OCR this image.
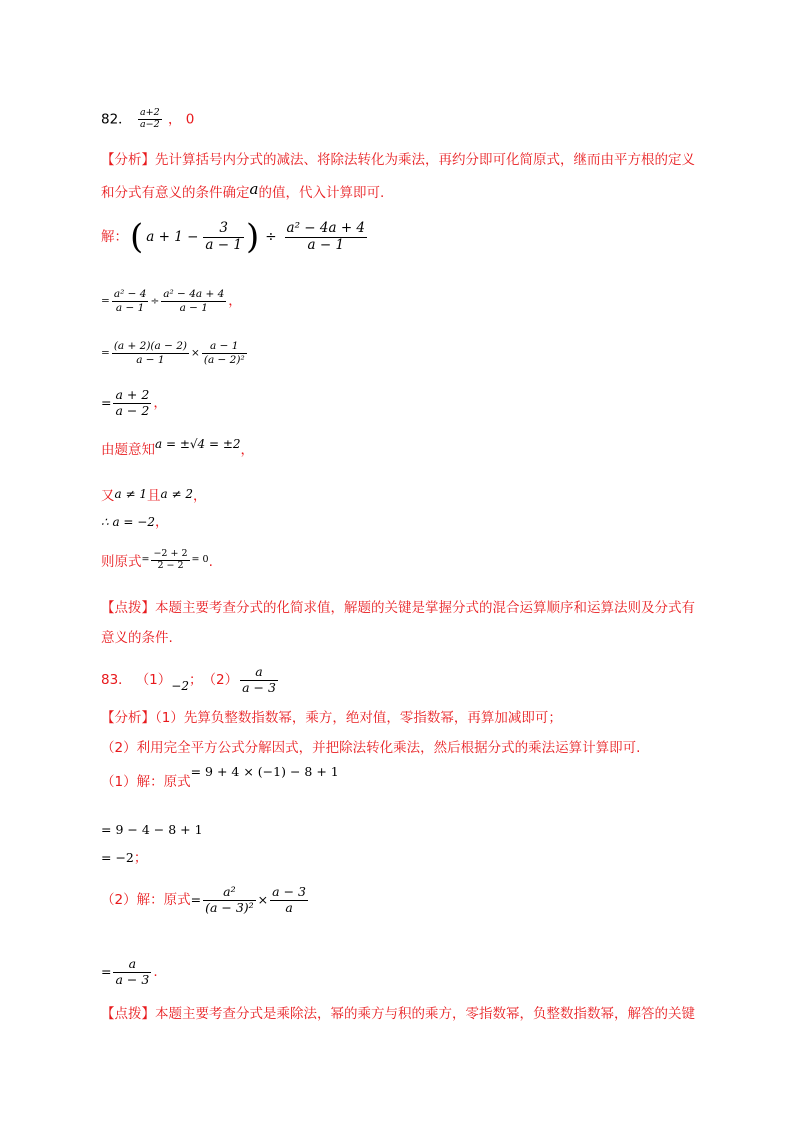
82． $\frac{a+2}{a-2}$ ， 0
【分析】先计算括号内分式的减法、将除法转化为乘法，再约分即可化简原式，继而由平方根的定义
和分式有意义的条件确定a的值，代入计算即可.
解： ( $a + 1 - \frac{3}{a - 1}$ ) ÷ $\frac{\text{a² − 4a + 4}}{a - 1}$
= $\frac{\text{a² − 4}}{a - 1} \div \frac{\text{a² − 4a + 4}}{a - 1}$ ，
= $\frac{(a + 2)(a - 2)}{a - 1} \times \frac{a - 1}{\text{(a − 2)²}}$
= $\frac{a + 2}{a - 2}$ ，
由题意知a = ±√4 = ±2，
又a ≠ 1且a ≠ 2，
∴ a = −2，
则原式 = $\frac{-2 + 2}{2 - 2} = 0$ .
【点拨】本题主要考查分式的化简求值，解题的关键是掌握分式的混合运算顺序和运算法则及分式有
意义的条件.
83． （1） −2 ； $(2) \frac{a}{a - 3}$
【分析】（1）先算负整数指数幂，乘方，绝对值，零指数幂，再算加减即可；
（2）利用完全平方公式分解因式，并把除法转化乘法，然后根据分式的乘法运算计算即可.
（1）解：原式= 9 + 4 × (−1) − 8 + 1
= 9 − 4 − 8 + 1
= −2；
（2）解：原式 = $\frac{\text{a²}}{\text{(a − 3)²}} \times \frac{a - 3}{a}$
= $\frac{a}{a - 3}$ .
【点拨】本题主要考查分式是乘除法，幂的乘方与积的乘方，零指数幂，负整数指数幂，解答的关键
